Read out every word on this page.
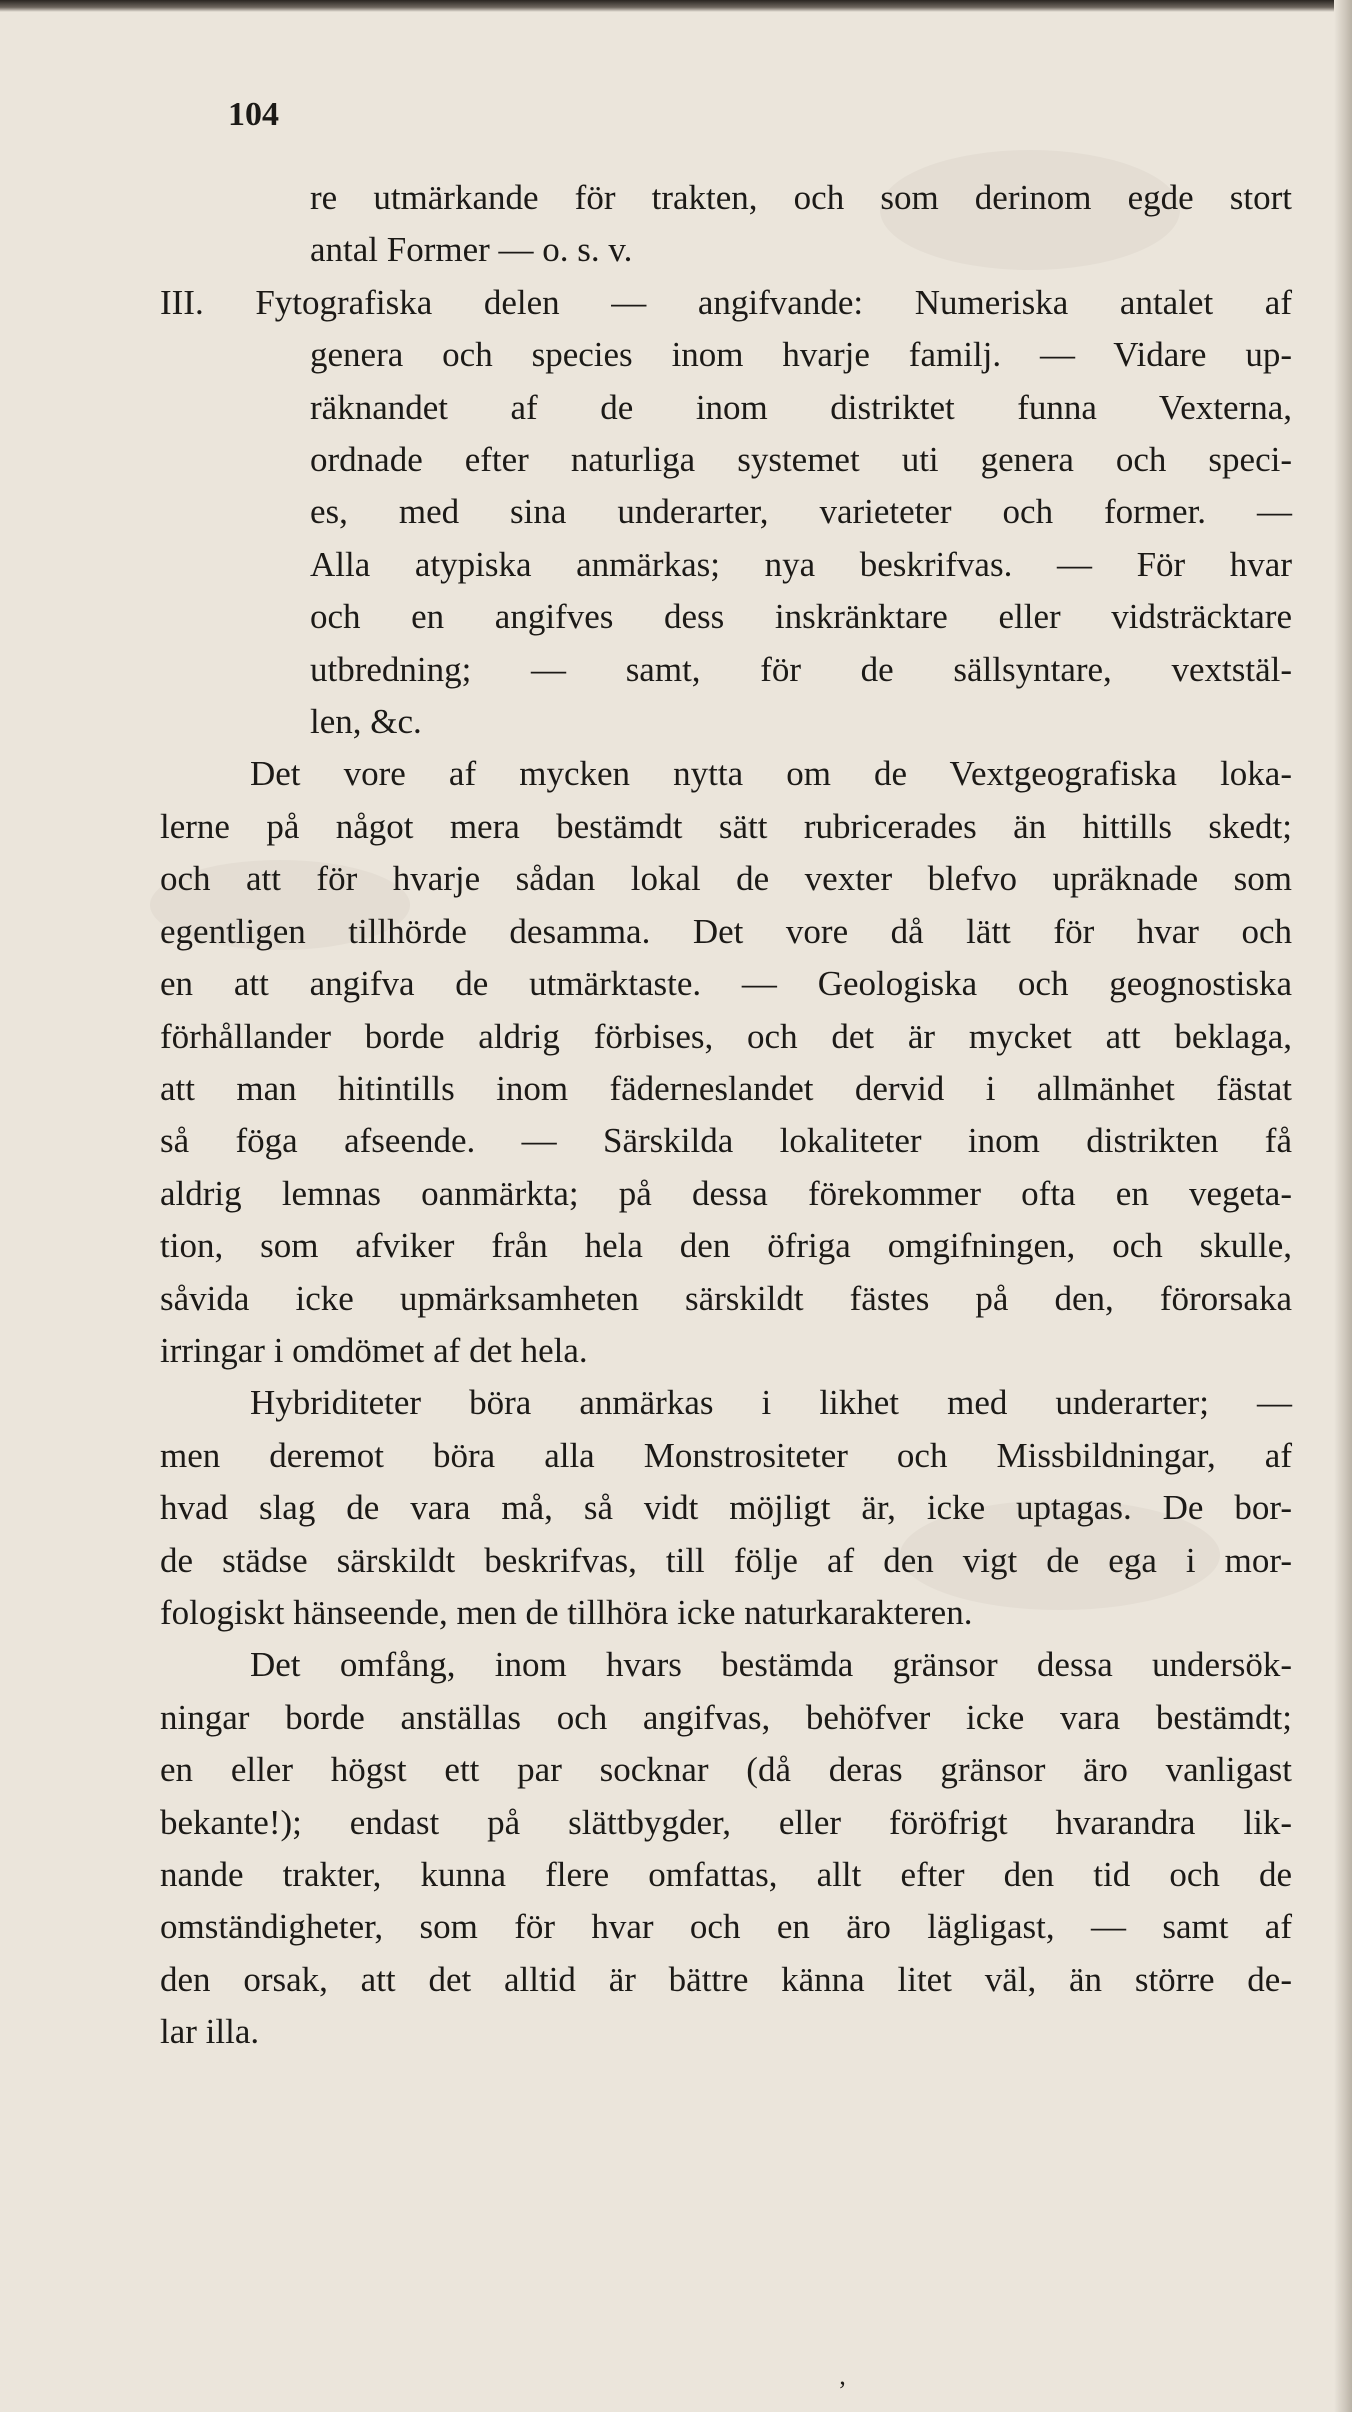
104
re utmärkande för trakten, och som derinom egde stort
antal Former — o. s. v.
III. Fytografiska delen — angifvande: Numeriska antalet af
genera och species inom hvarje familj. — Vidare up-
räknandet af de inom distriktet funna Vexterna,
ordnade efter naturliga systemet uti genera och speci-
es, med sina underarter, varieteter och former. —
Alla atypiska anmärkas; nya beskrifvas. — För hvar
och en angifves dess inskränktare eller vidsträcktare
utbredning; — samt, för de sällsyntare, vextstäl-
len, &c.
Det vore af mycken nytta om de Vextgeografiska loka-
lerne på något mera bestämdt sätt rubricerades än hittills skedt;
och att för hvarje sådan lokal de vexter blefvo upräknade som
egentligen tillhörde desamma. Det vore då lätt för hvar och
en att angifva de utmärktaste. — Geologiska och geognostiska
förhållander borde aldrig förbises, och det är mycket att beklaga,
att man hitintills inom fäderneslandet dervid i allmänhet fästat
så föga afseende. — Särskilda lokaliteter inom distrikten få
aldrig lemnas oanmärkta; på dessa förekommer ofta en vegeta-
tion, som afviker från hela den öfriga omgifningen, och skulle,
såvida icke upmärksamheten särskildt fästes på den, förorsaka
irringar i omdömet af det hela.
Hybriditeter böra anmärkas i likhet med underarter; —
men deremot böra alla Monstrositeter och Missbildningar, af
hvad slag de vara må, så vidt möjligt är, icke uptagas. De bor-
de städse särskildt beskrifvas, till följe af den vigt de ega i mor-
fologiskt hänseende, men de tillhöra icke naturkarakteren.
Det omfång, inom hvars bestämda gränsor dessa undersök-
ningar borde anställas och angifvas, behöfver icke vara bestämdt;
en eller högst ett par socknar (då deras gränsor äro vanligast
bekante!); endast på slättbygder, eller föröfrigt hvarandra lik-
nande trakter, kunna flere omfattas, allt efter den tid och de
omständigheter, som för hvar och en äro lägligast, — samt af
den orsak, att det alltid är bättre känna litet väl, än större de-
lar illa.
’
